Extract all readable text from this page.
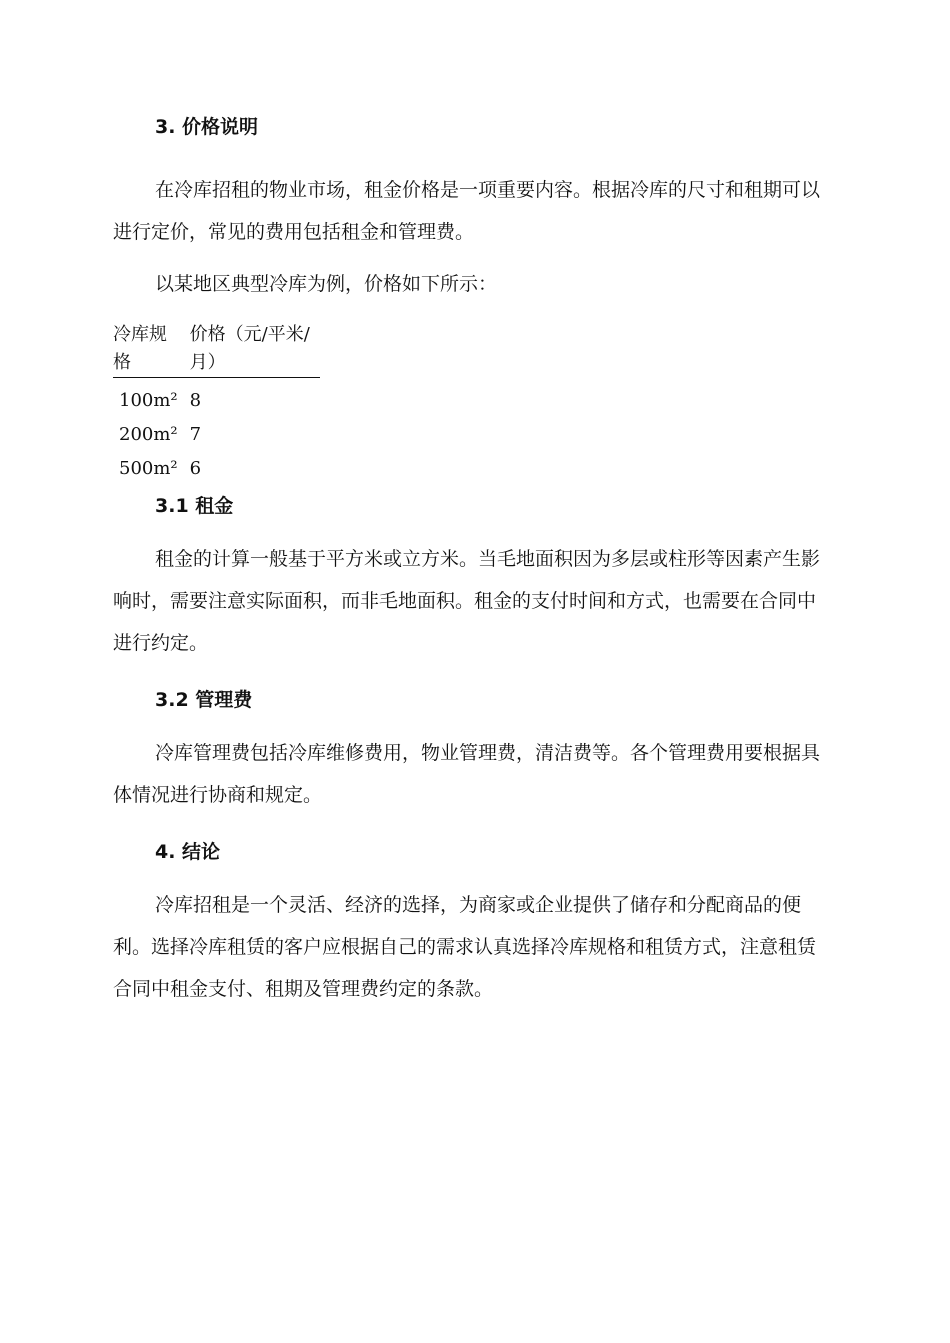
3. 价格说明

在冷库招租的物业市场，租金价格是一项重要内容。根据冷库的尺寸和租期可以进行定价，常见的费用包括租金和管理费。

以某地区典型冷库为例，价格如下所示：

冷库规格	价格（元/平米/月）
100m²	8
200m²	7
500m²	6
3.1 租金

租金的计算一般基于平方米或立方米。当毛地面积因为多层或柱形等因素产生影响时，需要注意实际面积，而非毛地面积。租金的支付时间和方式，也需要在合同中进行约定。

3.2 管理费

冷库管理费包括冷库维修费用，物业管理费，清洁费等。各个管理费用要根据具体情况进行协商和规定。

4. 结论

冷库招租是一个灵活、经济的选择，为商家或企业提供了储存和分配商品的便利。选择冷库租赁的客户应根据自己的需求认真选择冷库规格和租赁方式，注意租赁合同中租金支付、租期及管理费约定的条款。
